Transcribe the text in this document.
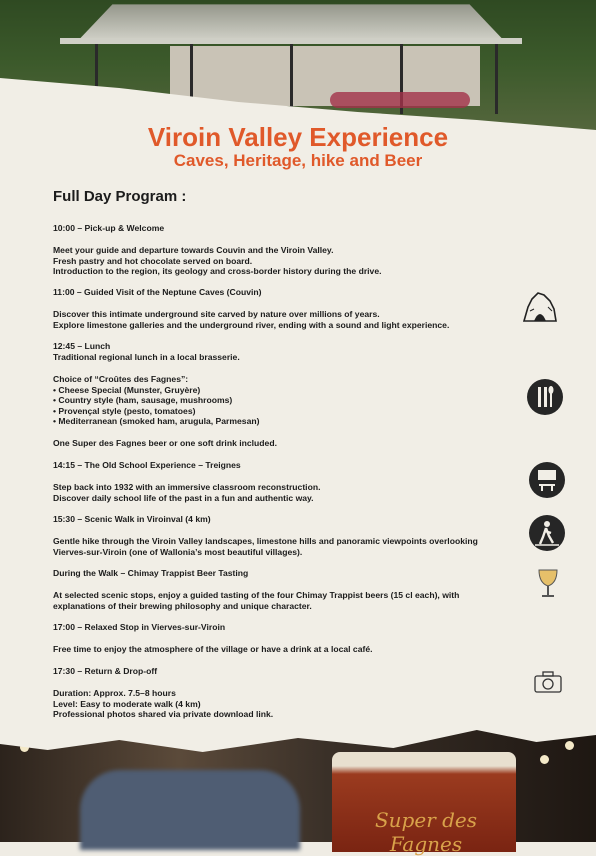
Super des Fagnes
Viroin Valley Experience
Caves, Heritage, hike and Beer
Full Day Program :

10:00 – Pick-up & Welcome

Meet your guide and departure towards Couvin and the Viroin Valley.

Fresh pastry and hot chocolate served on board.

Introduction to the region, its geology and cross-border history during the drive.

11:00 – Guided Visit of the Neptune Caves (Couvin)

Discover this intimate underground site carved by nature over millions of years.

Explore limestone galleries and the underground river, ending with a sound and light experience.

12:45 – Lunch

Traditional regional lunch in a local brasserie.

Choice of “Croûtes des Fagnes”:

• Cheese Special (Munster, Gruyère)

• Country style (ham, sausage, mushrooms)

• Provençal style (pesto, tomatoes)

• Mediterranean (smoked ham, arugula, Parmesan)

One Super des Fagnes beer or one soft drink included.

14:15 – The Old School Experience – Treignes

Step back into 1932 with an immersive classroom reconstruction.

Discover daily school life of the past in a fun and authentic way.

15:30 – Scenic Walk in Viroinval (4 km)

Gentle hike through the Viroin Valley landscapes, limestone hills and panoramic viewpoints overlooking

Vierves-sur-Viroin (one of Wallonia’s most beautiful villages).

During the Walk – Chimay Trappist Beer Tasting

At selected scenic stops, enjoy a guided tasting of the four Chimay Trappist beers (15 cl each), with

explanations of their brewing philosophy and unique character.

17:00 – Relaxed Stop in Vierves-sur-Viroin

Free time to enjoy the atmosphere of the village or have a drink at a local café.

17:30 – Return & Drop-off

Duration: Approx. 7.5–8 hours

Level: Easy to moderate walk (4 km)

Professional photos shared via private download link.
